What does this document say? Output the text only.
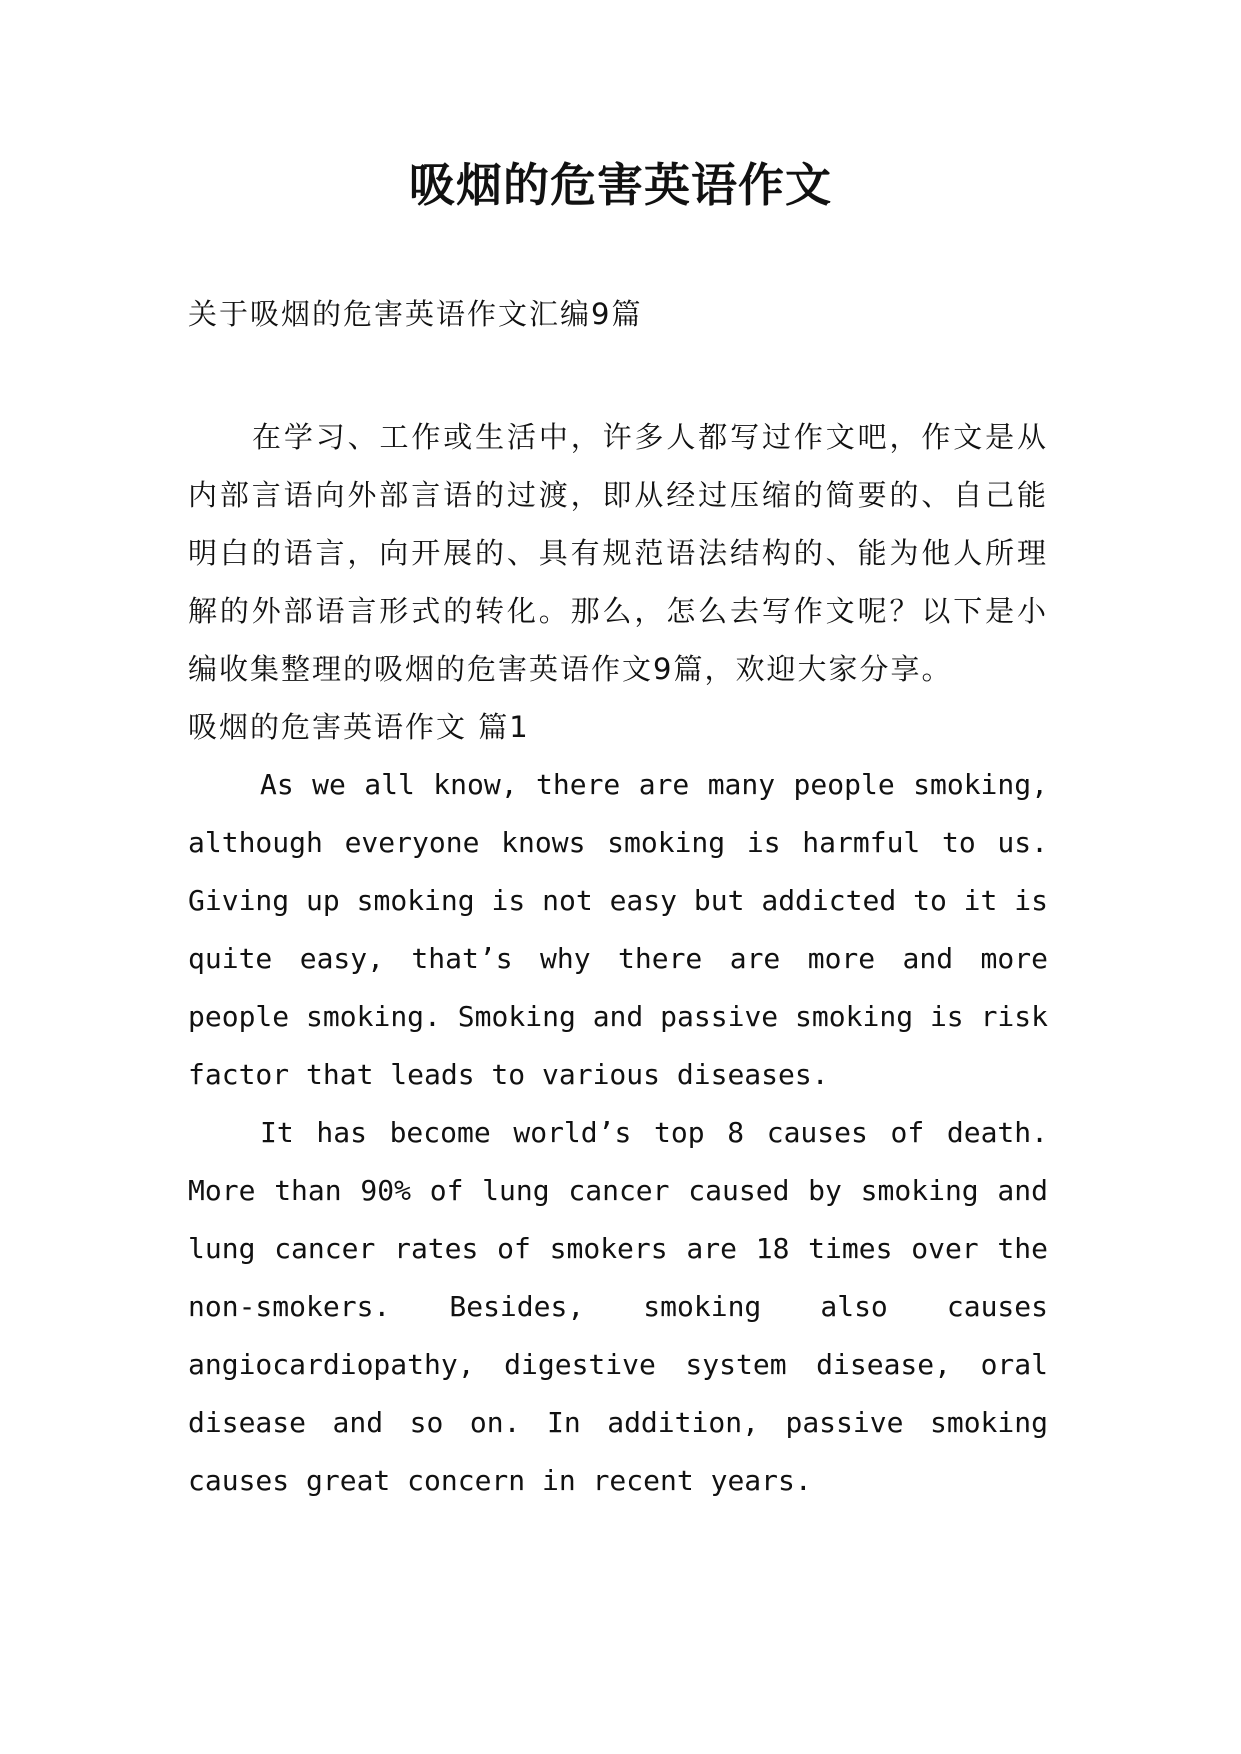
吸烟的危害英语作文

关于吸烟的危害英语作文汇编9篇

在学习、工作或生活中，许多人都写过作文吧，作文是从内部言语向外部言语的过渡，即从经过压缩的简要的、自己能明白的语言，向开展的、具有规范语法结构的、能为他人所理解的外部语言形式的转化。那么，怎么去写作文呢？以下是小编收集整理的吸烟的危害英语作文9篇，欢迎大家分享。

吸烟的危害英语作文 篇1

As we all know, there are many people smoking, although everyone knows smoking is harmful to us. Giving up smoking is not easy but addicted to it is quite easy, that’s why there are more and more people smoking. Smoking and passive smoking is risk factor that leads to various diseases.

It has become world’s top 8 causes of death. More than 90% of lung cancer caused by smoking and lung cancer rates of smokers are 18 times over the non-smokers. Besides, smoking also causes angiocardiopathy, digestive system disease, oral disease and so on. In addition, passive smoking causes great concern in recent years.
